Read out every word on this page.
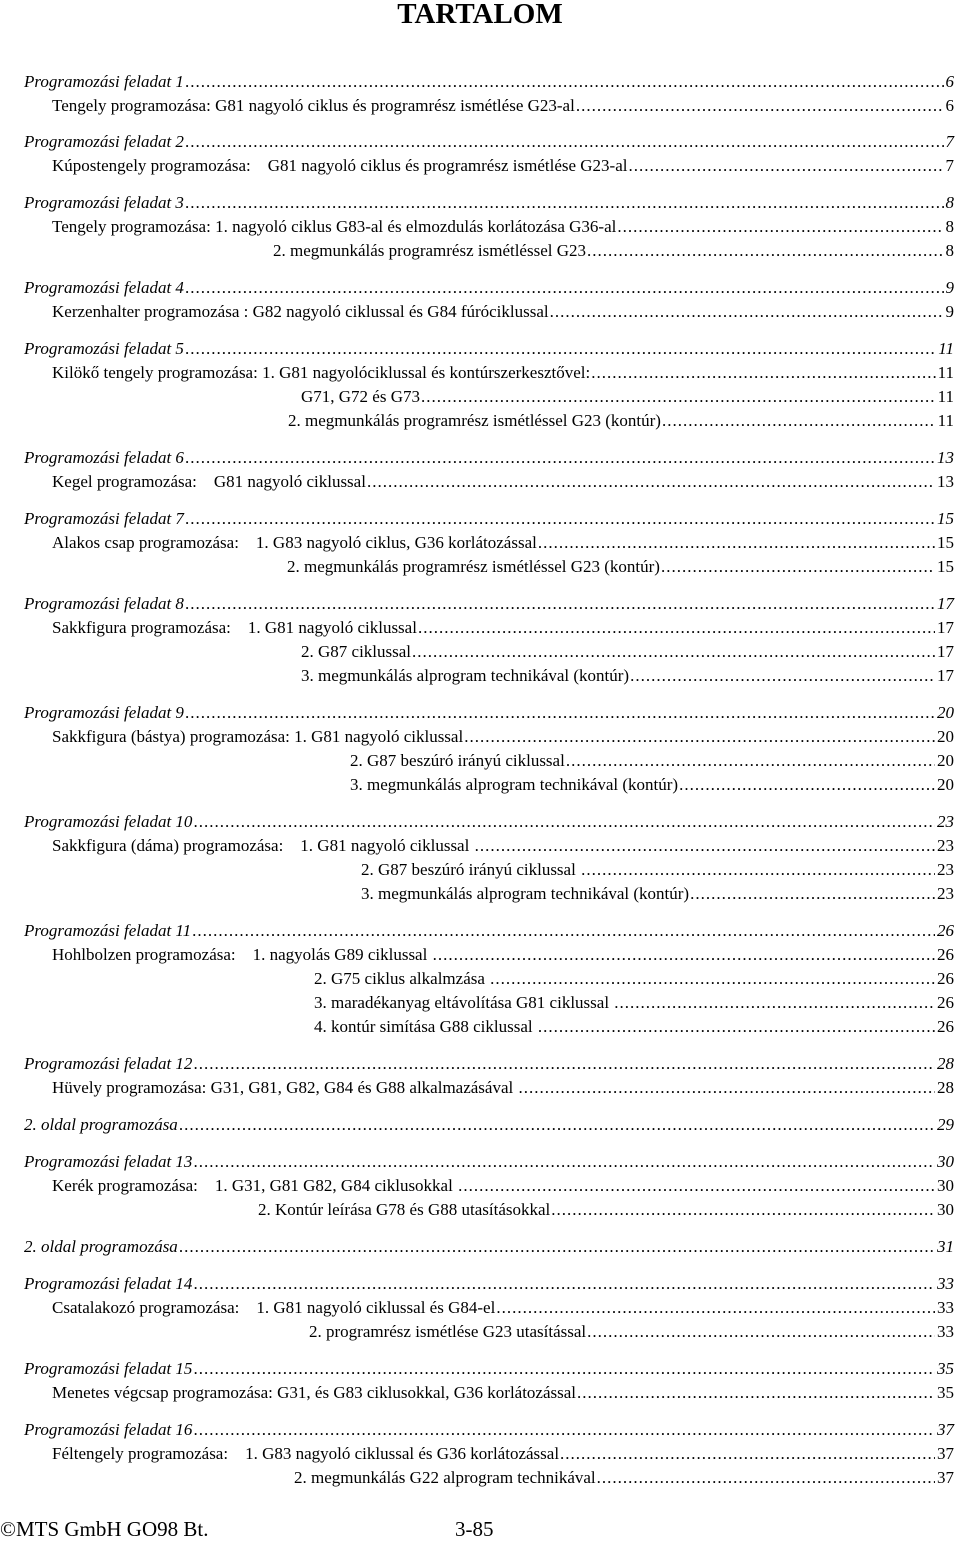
TARTALOM
Programozási feladat 1 .....	6
Tengely programozása: G81 nagyoló ciklus és programrész ismétlése G23-al .....	6
Programozási feladat 2 .....	7
Kúpostengely programozása:    G81 nagyoló ciklus és programrész ismétlése G23-al .....	7
Programozási feladat 3 .....	8
Tengely programozása: 1. nagyoló ciklus G83-al és elmozdulás korlátozása G36-al .....	8
2. megmunkálás programrész ismétléssel G23 .....	8
Programozási feladat 4 .....	9
Kerzenhalter programozása : G82 nagyoló ciklussal és G84 fúróciklussal .....	9
Programozási feladat 5 .....	11
Kilökő tengely programozása: 1. G81 nagyolóciklussal és kontúrszerkesztővel: .....	11
G71, G72 és G73 .....	11
2. megmunkálás programrész ismétléssel G23 (kontúr) .....	11
Programozási feladat 6 .....	13
Kegel programozása:    G81 nagyoló ciklussal .....	13
Programozási feladat 7 .....	15
Alakos csap programozása:    1. G83 nagyoló ciklus, G36 korlátozással .....	15
2. megmunkálás programrész ismétléssel G23 (kontúr) .....	15
Programozási feladat 8 .....	17
Sakkfigura programozása:    1. G81 nagyoló ciklussal .....	17
2. G87 ciklussal .....	17
3. megmunkálás alprogram technikával (kontúr) .....	17
Programozási feladat 9 .....	20
Sakkfigura (bástya) programozása: 1. G81 nagyoló ciklussal .....	20
2. G87 beszúró irányú ciklussal .....	20
3. megmunkálás alprogram technikával (kontúr) .....	20
Programozási feladat 10 .....	23
Sakkfigura (dáma) programozása:    1. G81 nagyoló ciklussal .....	23
2. G87 beszúró irányú ciklussal .....	23
3. megmunkálás alprogram technikával (kontúr) .....	23
Programozási feladat 11 .....	26
Hohlbolzen programozása:    1. nagyolás G89 ciklussal .....	26
2. G75 ciklus alkalmzása .....	26
3. maradékanyag eltávolítása G81 ciklussal .....	26
4. kontúr simítása G88 ciklussal .....	26
Programozási feladat 12 .....	28
Hüvely programozása: G31, G81, G82, G84 és G88 alkalmazásával .....	28
2. oldal programozása .....	29
Programozási feladat 13 .....	30
Kerék programozása:    1. G31, G81 G82, G84 ciklusokkal .....	30
2. Kontúr leírása G78 és G88 utasításokkal .....	30
2. oldal programozása .....	31
Programozási feladat 14 .....	33
Csatalakozó programozása:    1. G81 nagyoló ciklussal és G84-el .....	33
2. programrész ismétlése G23 utasítással .....	33
Programozási feladat 15 .....	35
Menetes végcsap programozása: G31, és G83 ciklusokkal, G36 korlátozással .....	35
Programozási feladat 16 .....	37
Féltengely programozása:    1. G83 nagyoló ciklussal és G36 korlátozással .....	37
2. megmunkálás G22 alprogram technikával .....	37
©MTS GmbH GO98 Bt.	3-85
